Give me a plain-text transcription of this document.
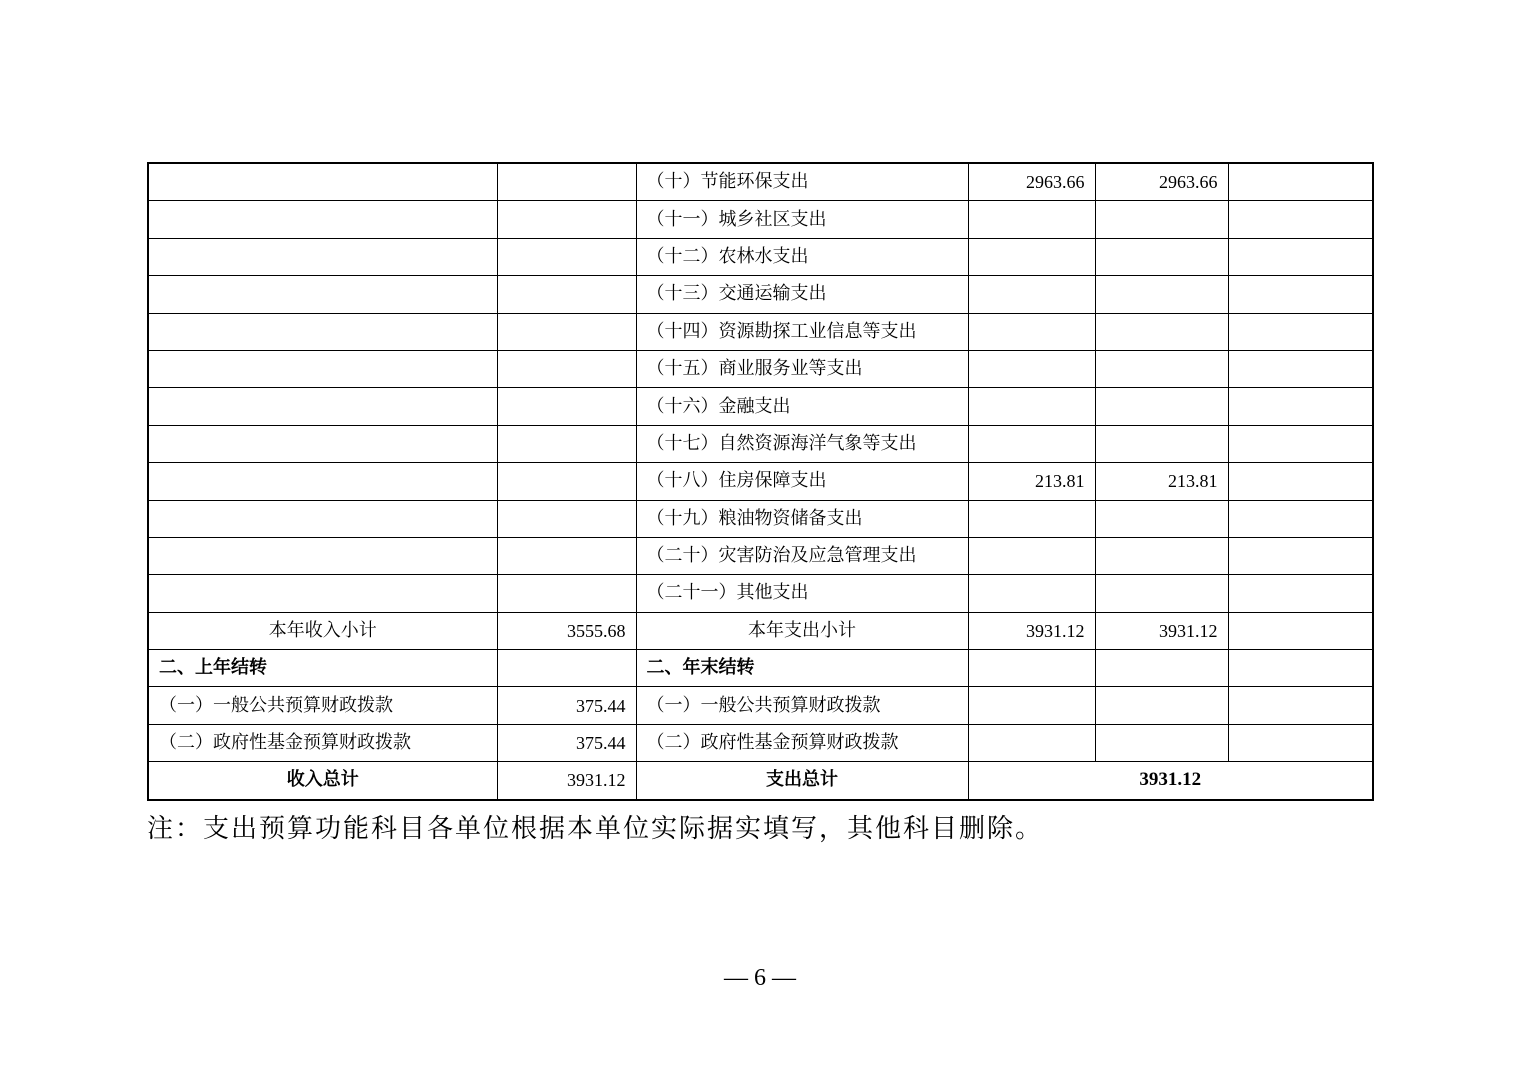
		（十）节能环保支出	2963.66	2963.66	
		（十一）城乡社区支出			
		（十二）农林水支出			
		（十三）交通运输支出			
		（十四）资源勘探工业信息等支出			
		（十五）商业服务业等支出			
		（十六）金融支出			
		（十七）自然资源海洋气象等支出			
		（十八）住房保障支出	213.81	213.81	
		（十九）粮油物资储备支出			
		（二十）灾害防治及应急管理支出			
		（二十一）其他支出			
本年收入小计	3555.68	本年支出小计	3931.12	3931.12	
二、上年结转		二、年末结转			
（一）一般公共预算财政拨款	375.44	（一）一般公共预算财政拨款			
（二）政府性基金预算财政拨款	375.44	（二）政府性基金预算财政拨款			
收入总计	3931.12	支出总计	3931.12		
注：支出预算功能科目各单位根据本单位实际据实填写，其他科目删除。
— 6 —
